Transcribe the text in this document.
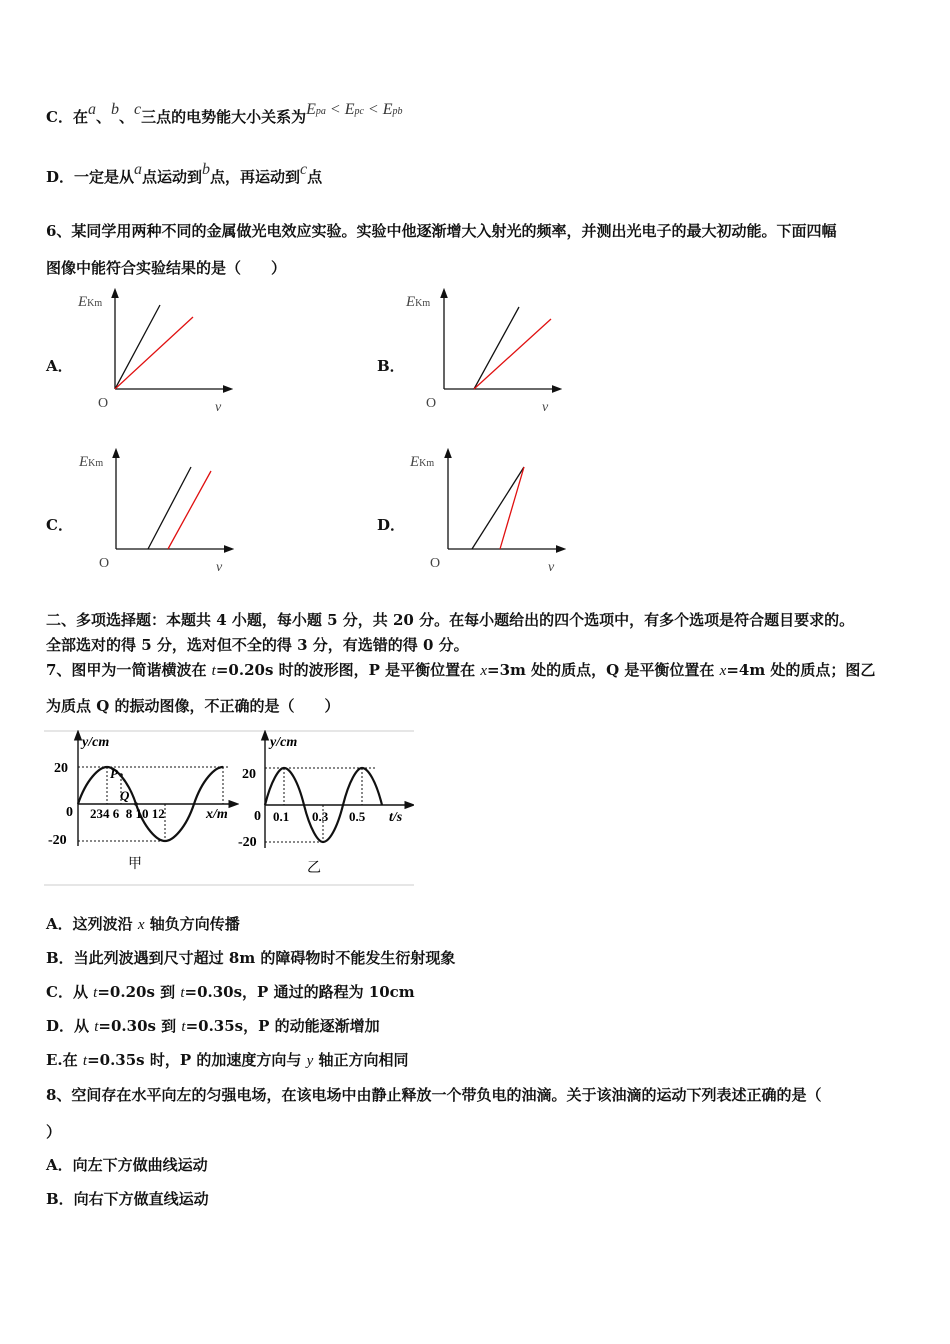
C．在a、b、c三点的电势能大小关系为Epa < Epc < Epb
D．一定是从a点运动到b点，再运动到c点
6、某同学用两种不同的金属做光电效应实验。实验中他逐渐增大入射光的频率，并测出光电子的最大初动能。下面四幅
图像中能符合实验结果的是（　　）
A．
EKm
O	ν
B．
EKm
O	ν
C．
EKm
O	ν
D．
EKm
O	ν
二、多项选择题：本题共 4 小题，每小题 5 分，共 20 分。在每小题给出的四个选项中，有多个选项是符合题目要求的。
全部选对的得 5 分，选对但不全的得 3 分，有选错的得 0 分。
7、图甲为一简谐横波在 t=0.20s 时的波形图，P 是平衡位置在 x=3m 处的质点，Q 是平衡位置在 x=4m 处的质点；图乙
为质点 Q 的振动图像，不正确的是（　　）
y/cm
20
0
-20
234 6  8 10 12	x/m
P
Q
甲
y/cm
20
0
-20
0.1 0.3 0.5 t/s
乙
A．这列波沿 x 轴负方向传播
B．当此列波遇到尺寸超过 8m 的障碍物时不能发生衍射现象
C．从 t=0.20s 到 t=0.30s，P 通过的路程为 10cm
D．从 t=0.30s 到 t=0.35s，P 的动能逐渐增加
E.在 t=0.35s 时，P 的加速度方向与 y 轴正方向相同
8、空间存在水平向左的匀强电场，在该电场中由静止释放一个带负电的油滴。关于该油滴的运动下列表述正确的是（
）
A．向左下方做曲线运动
B．向右下方做直线运动
